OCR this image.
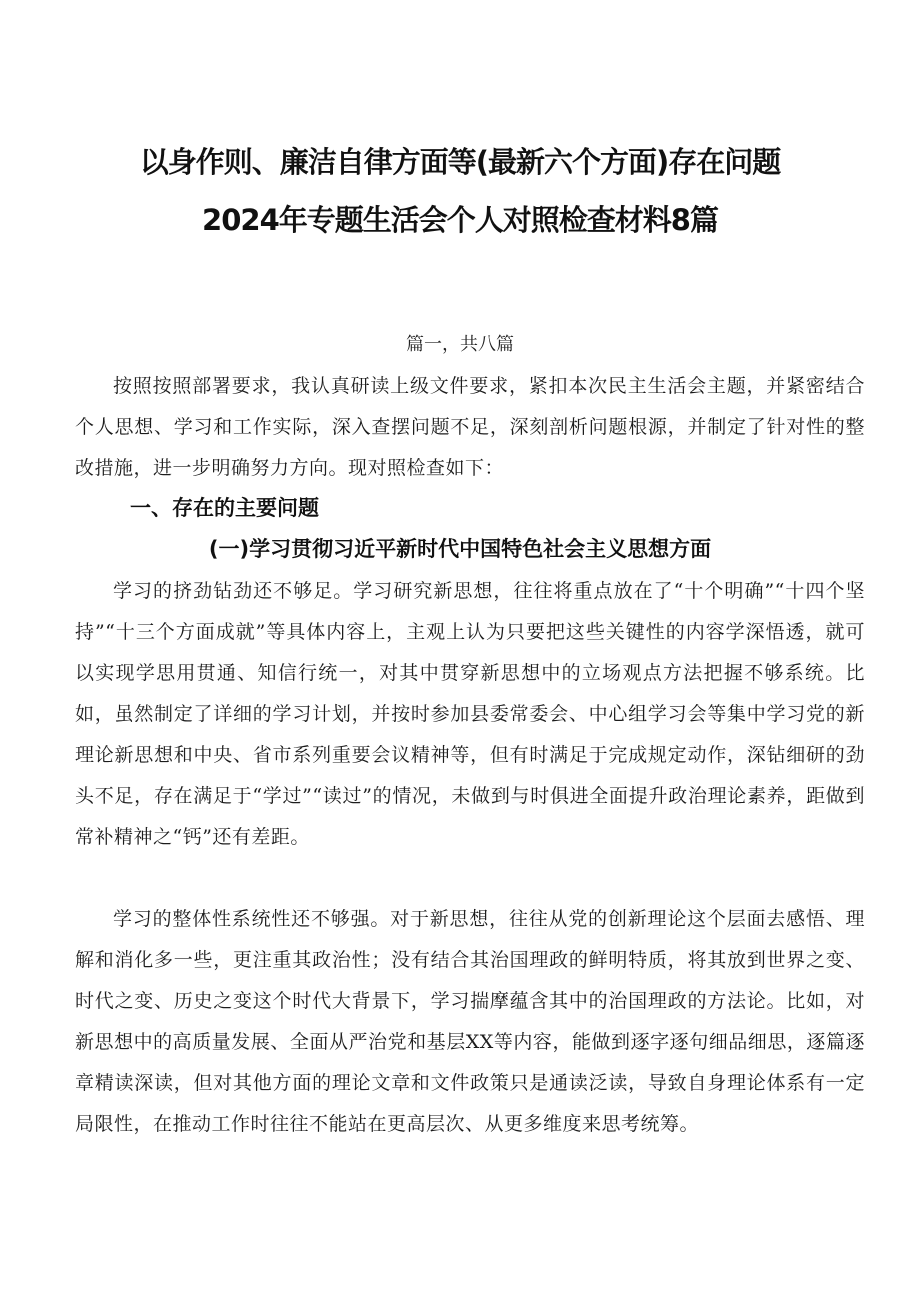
以身作则、廉洁自律方面等(最新六个方面)存在问题
2024年专题生活会个人对照检查材料8篇

篇一，共八篇

按照按照部署要求，我认真研读上级文件要求，紧扣本次民主生活会主题，并紧密结合个人思想、学习和工作实际，深入查摆问题不足，深刻剖析问题根源，并制定了针对性的整改措施，进一步明确努力方向。现对照检查如下：

一、存在的主要问题
(一)学习贯彻习近平新时代中国特色社会主义思想方面

学习的挤劲钻劲还不够足。学习研究新思想，往往将重点放在了“十个明确”“十四个坚持”“十三个方面成就”等具体内容上，主观上认为只要把这些关键性的内容学深悟透，就可以实现学思用贯通、知信行统一，对其中贯穿新思想中的立场观点方法把握不够系统。比如，虽然制定了详细的学习计划，并按时参加县委常委会、中心组学习会等集中学习党的新理论新思想和中央、省市系列重要会议精神等，但有时满足于完成规定动作，深钻细研的劲头不足，存在满足于“学过”“读过”的情况，未做到与时俱进全面提升政治理论素养，距做到常补精神之“钙”还有差距。

学习的整体性系统性还不够强。对于新思想，往往从党的创新理论这个层面去感悟、理解和消化多一些，更注重其政治性；没有结合其治国理政的鲜明特质，将其放到世界之变、时代之变、历史之变这个时代大背景下，学习揣摩蕴含其中的治国理政的方法论。比如，对新思想中的高质量发展、全面从严治党和基层XX等内容，能做到逐字逐句细品细思，逐篇逐章精读深读，但对其他方面的理论文章和文件政策只是通读泛读，导致自身理论体系有一定局限性，在推动工作时往往不能站在更高层次、从更多维度来思考统筹。
